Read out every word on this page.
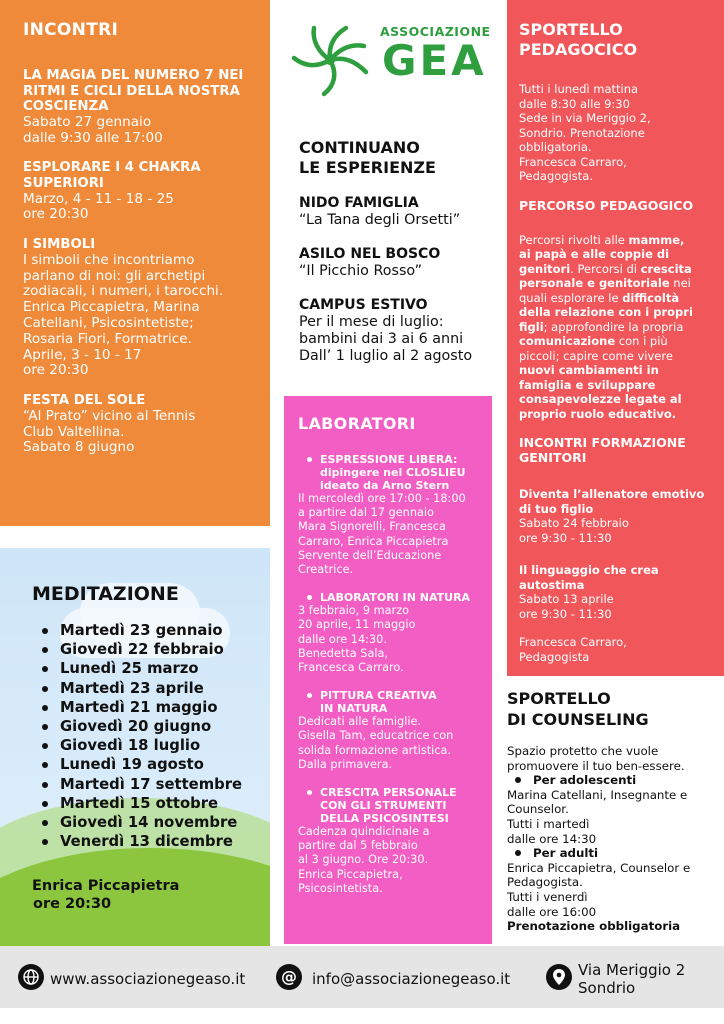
INCONTRI
LA MAGIA DEL NUMERO 7 NEI RITMI E CICLI DELLA NOSTRA COSCIENZA
Sabato 27 gennaio
dalle 9:30 alle 17:00
ESPLORARE I 4 CHAKRA SUPERIORI
Marzo, 4 - 11 - 18 - 25
ore 20:30
I SIMBOLI
I simboli che incontriamo
parlano di noi: gli archetipi
zodiacali, i numeri, i tarocchi.
Enrica Piccapietra, Marina
Catellani, Psicosintetiste;
Rosaria Fiori, Formatrice.
Aprile, 3 - 10 - 17
ore 20:30
FESTA DEL SOLE
“Al Prato” vicino al Tennis
Club Valtellina.
Sabato 8 giugno
MEDITAZIONE
Martedì 23 gennaio
Giovedì 22 febbraio
Lunedì 25 marzo
Martedì 23 aprile
Martedì 21 maggio
Giovedì 20 giugno
Giovedì 18 luglio
Lunedì 19 agosto
Martedì 17 settembre
Martedì 15 ottobre
Giovedì 14 novembre
Venerdì 13 dicembre
Enrica Piccapietra
ore 20:30
ASSOCIAZIONE
GEA
CONTINUANO
LE ESPERIENZE
NIDO FAMIGLIA
“La Tana degli Orsetti”
ASILO NEL BOSCO
“Il Picchio Rosso”
CAMPUS ESTIVO
Per il mese di luglio:
bambini dai 3 ai 6 anni
Dall’ 1 luglio al 2 agosto
LABORATORI
ESPRESSIONE LIBERA:
dipingere nel CLOSLIEU
ideato da Arno Stern
Il mercoledì ore 17:00 - 18:00
a partire dal 17 gennaio
Mara Signorelli, Francesca
Carraro, Enrica Piccapietra
Servente dell’Educazione
Creatrice.
LABORATORI IN NATURA
3 febbraio, 9 marzo
20 aprile, 11 maggio
dalle ore 14:30.
Benedetta Sala,
Francesca Carraro.
PITTURA CREATIVA
IN NATURA
Dedicati alle famiglie.
Gisella Tam, educatrice con
solida formazione artistica.
Dalla primavera.
CRESCITA PERSONALE
CON GLI STRUMENTI
DELLA PSICOSINTESI
Cadenza quindicinale a
partire dal 5 febbraio
al 3 giugno. Ore 20:30.
Enrica Piccapietra,
Psicosintetista.
SPORTELLO
PEDAGOCICO
Tutti i lunedì mattina
dalle 8:30 alle 9:30
Sede in via Meriggio 2,
Sondrio. Prenotazione
obbligatoria.
Francesca Carraro,
Pedagogista.
PERCORSO PEDAGOGICO
Percorsi rivolti alle mamme,
ai papà e alle coppie di
genitori. Percorsi di crescita
personale e genitoriale nei
quali esplorare le difficoltà
della relazione con i propri
figli; approfondire la propria
comunicazione con i più
piccoli; capire come vivere
nuovi cambiamenti in
famiglia e sviluppare
consapevolezze legate al
proprio ruolo educativo.
INCONTRI FORMAZIONE
GENITORI
Diventa l’allenatore emotivo
di tuo figlio
Sabato 24 febbraio
ore 9:30 - 11:30
Il linguaggio che crea
autostima
Sabato 13 aprile
ore 9:30 - 11:30
Francesca Carraro,
Pedagogista
SPORTELLO
DI COUNSELING
Spazio protetto che vuole
promuovere il tuo ben-essere.
Per adolescenti
Marina Catellani, Insegnante e
Counselor.
Tutti i martedì
dalle ore 14:30
Per adulti
Enrica Piccapietra, Counselor e
Pedagogista.
Tutti i venerdì
dalle ore 16:00
Prenotazione obbligatoria
www.associazionegeaso.it @ info@associazionegeaso.it	Via Meriggio 2
Sondrio
